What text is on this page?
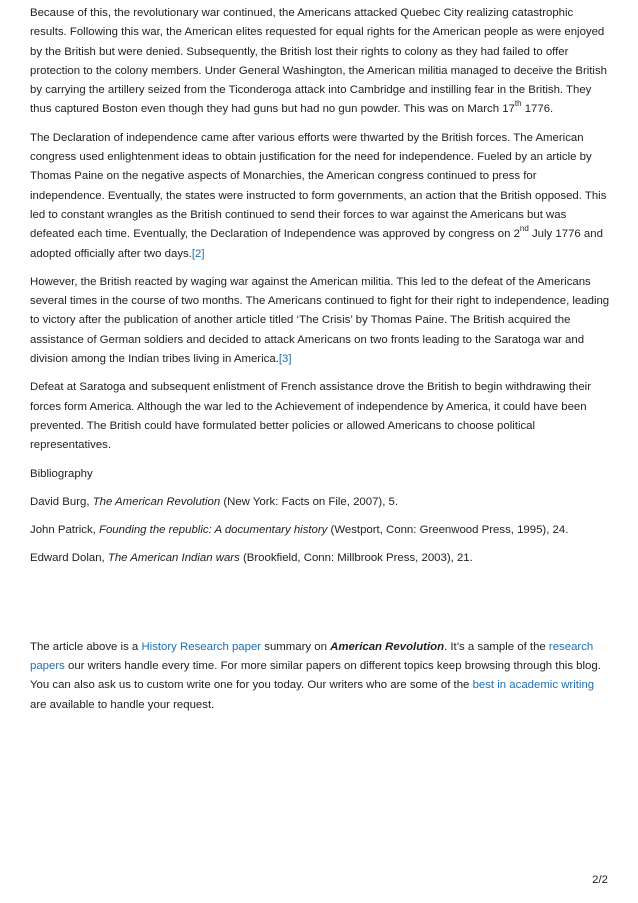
Because of this, the revolutionary war continued, the Americans attacked Quebec City realizing catastrophic results. Following this war, the American elites requested for equal rights for the American people as were enjoyed by the British but were denied. Subsequently, the British lost their rights to colony as they had failed to offer protection to the colony members. Under General Washington, the American militia managed to deceive the British by carrying the artillery seized from the Ticonderoga attack into Cambridge and instilling fear in the British. They thus captured Boston even though they had guns but had no gun powder. This was on March 17th 1776.

The Declaration of independence came after various efforts were thwarted by the British forces. The American congress used enlightenment ideas to obtain justification for the need for independence. Fueled by an article by Thomas Paine on the negative aspects of Monarchies, the American congress continued to press for independence. Eventually, the states were instructed to form governments, an action that the British opposed. This led to constant wrangles as the British continued to send their forces to war against the Americans but was defeated each time. Eventually, the Declaration of Independence was approved by congress on 2nd July 1776 and adopted officially after two days.[2]

However, the British reacted by waging war against the American militia. This led to the defeat of the Americans several times in the course of two months. The Americans continued to fight for their right to independence, leading to victory after the publication of another article titled ‘The Crisis’ by Thomas Paine. The British acquired the assistance of German soldiers and decided to attack Americans on two fronts leading to the Saratoga war and division among the Indian tribes living in America.[3]

Defeat at Saratoga and subsequent enlistment of French assistance drove the British to begin withdrawing their forces form America. Although the war led to the Achievement of independence by America, it could have been prevented. The British could have formulated better policies or allowed Americans to choose political representatives.

Bibliography

David Burg, The American Revolution (New York: Facts on File, 2007), 5.

John Patrick, Founding the republic: A documentary history (Westport, Conn: Greenwood Press, 1995), 24.

Edward Dolan, The American Indian wars (Brookfield, Conn: Millbrook Press, 2003), 21.

The article above is a History Research paper summary on American Revolution. It’s a sample of the research papers our writers handle every time. For more similar papers on different topics keep browsing through this blog. You can also ask us to custom write one for you today. Our writers who are some of the best in academic writing are available to handle your request.

2/2
